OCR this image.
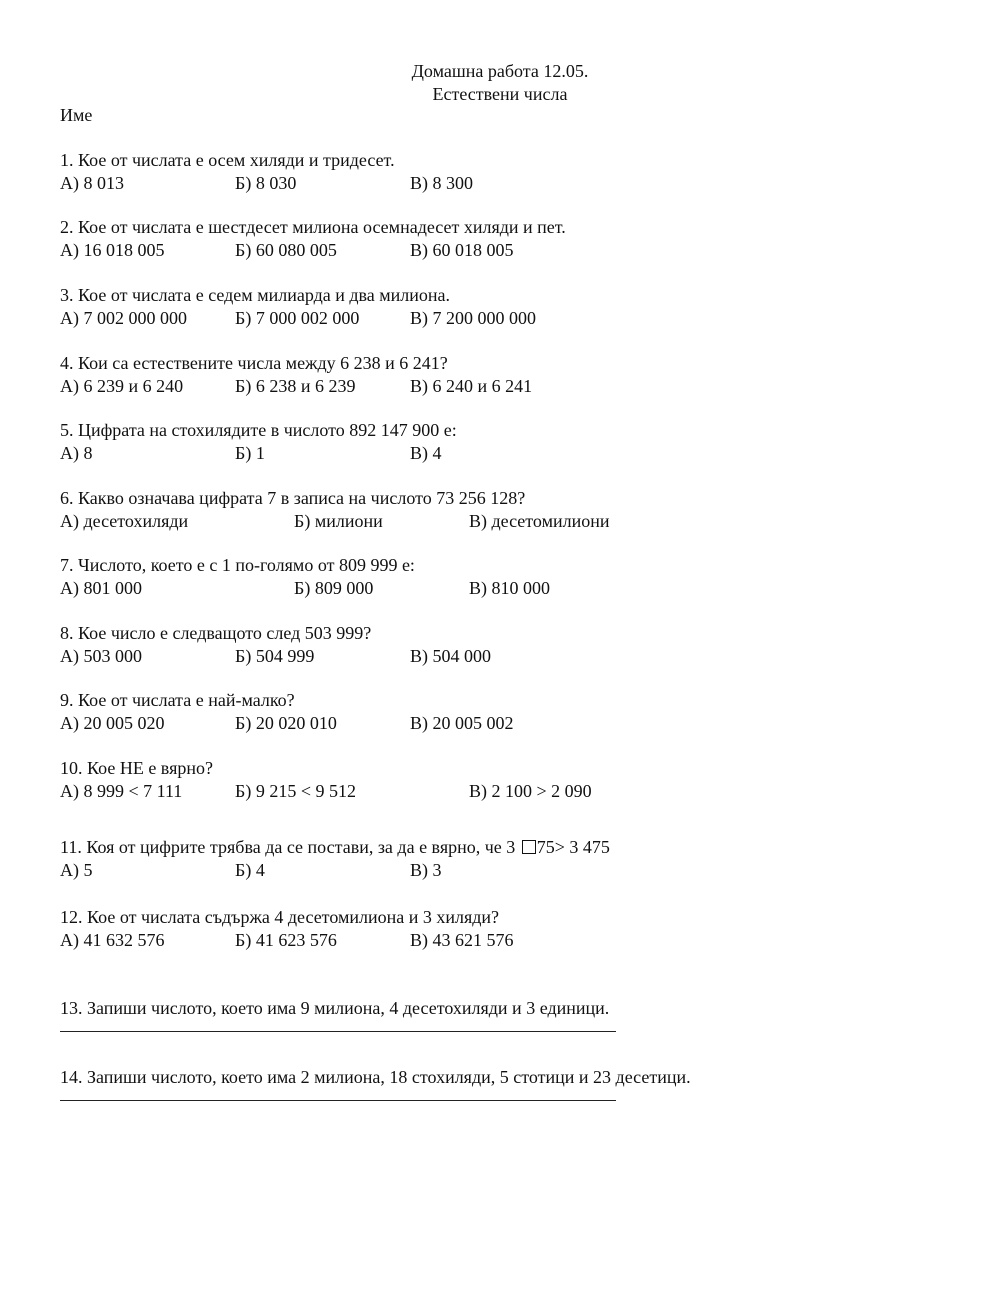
Домашна работа 12.05.
Естествени числа
Име
1. Кое от числата е осем хиляди и тридесет.
А) 8 013	Б) 8 030	В) 8 300
2. Кое от числата е шестдесет милиона осемнадесет хиляди и пет.
А) 16 018 005	Б) 60 080 005	В) 60 018 005
3. Кое от числата е седем милиарда и два милиона.
А) 7 002 000 000	Б) 7 000 002 000	В) 7 200 000 000
4. Кои са естествените числа между 6 238 и 6 241?
А) 6 239 и 6 240	Б) 6 238 и 6 239	В) 6 240 и 6 241
5. Цифрата на стохилядите в числото 892 147 900 е:
А) 8	Б) 1	В) 4
6. Какво означава цифрата 7 в записа на числото 73 256 128?
А) десетохиляди	Б) милиони	В) десетомилиони
7. Числото, което е с 1 по-голямо от 809 999 е:
А) 801 000	Б) 809 000	В) 810 000
8. Кое число е следващото след 503 999?
А) 503 000	Б) 504 999	В) 504 000
9. Кое от числата е най-малко?
А) 20 005 020	Б) 20 020 010	В) 20 005 002
10. Кое НЕ е вярно?
А) 8 999 < 7 111	Б) 9 215 < 9 512	В) 2 100 > 2 090
11. Коя от цифрите трябва да се постави, за да е вярно, че 3 75> 3 475
А) 5	Б) 4	В) 3
12. Кое от числата съдържа 4 десетомилиона и 3 хиляди?
А) 41 632 576	Б) 41 623 576	В) 43 621 576
13. Запиши числото, което има 9 милиона, 4 десетохиляди и 3 единици.
14. Запиши числото, което има 2 милиона, 18 стохиляди, 5 стотици и 23 десетици.
